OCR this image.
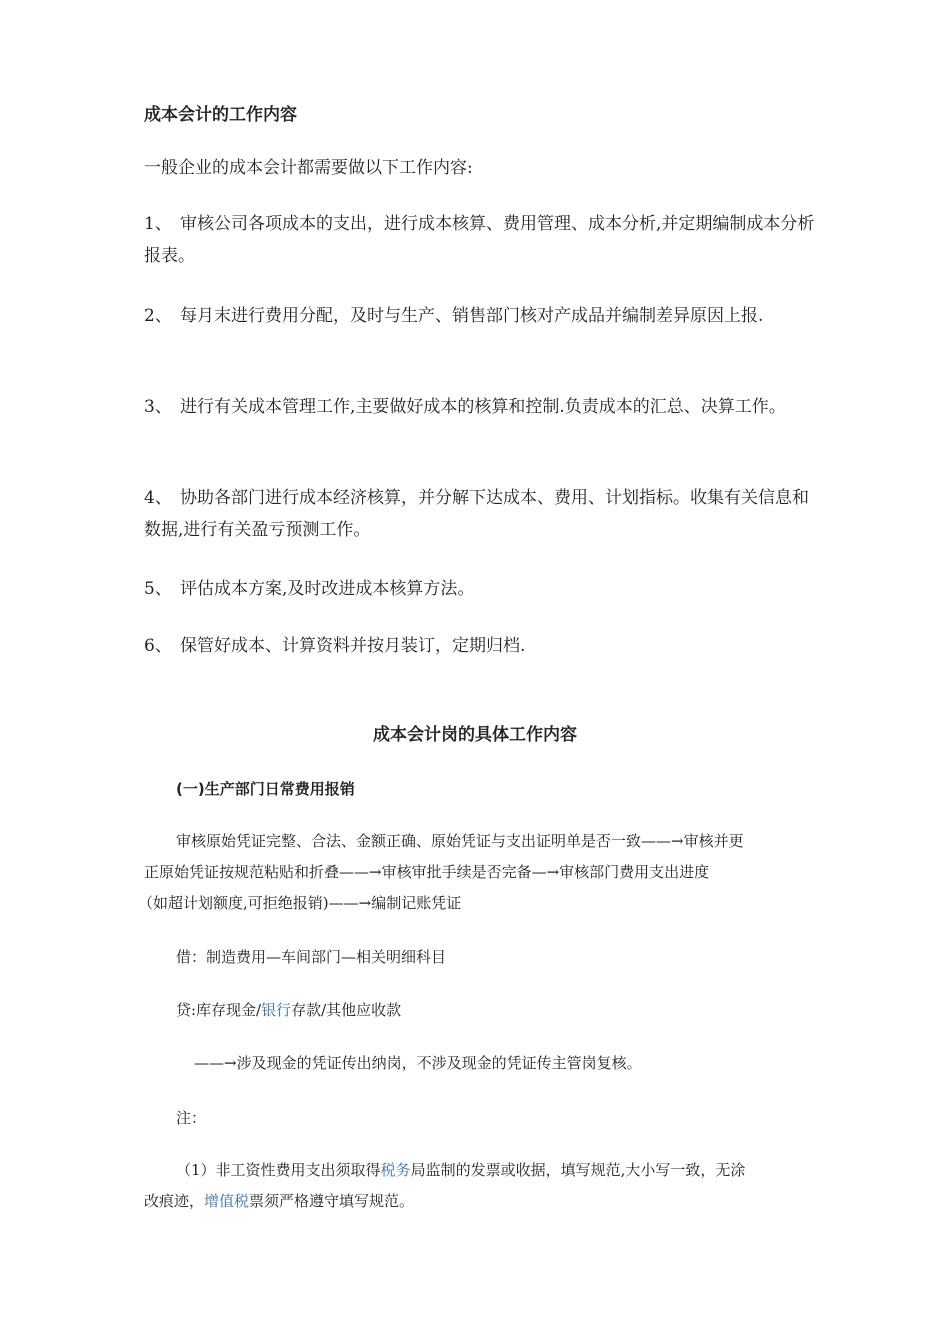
成本会计的工作内容

一般企业的成本会计都需要做以下工作内容:

1、 审核公司各项成本的支出，进行成本核算、费用管理、成本分析,并定期编制成本分析报表。

2、 每月末进行费用分配，及时与生产、销售部门核对产成品并编制差异原因上报.

3、 进行有关成本管理工作,主要做好成本的核算和控制.负责成本的汇总、决算工作。

4、 协助各部门进行成本经济核算，并分解下达成本、费用、计划指标。收集有关信息和数据,进行有关盈亏预测工作。

5、 评估成本方案,及时改进成本核算方法。

6、 保管好成本、计算资料并按月装订，定期归档.

成本会计岗的具体工作内容
(一)生产部门日常费用报销

审核原始凭证完整、合法、金额正确、原始凭证与支出证明单是否一致——→审核并更

正原始凭证按规范粘贴和折叠——→审核审批手续是否完备—→审核部门费用支出进度

（如超计划额度,可拒绝报销)——→编制记账凭证

借：制造费用—车间部门—相关明细科目

贷:库存现金/银行存款/其他应收款

——→涉及现金的凭证传出纳岗，不涉及现金的凭证传主管岗复核。

注：

（1）非工资性费用支出须取得税务局监制的发票或收据，填写规范,大小写一致，无涂

改痕迹，增值税票须严格遵守填写规范。
